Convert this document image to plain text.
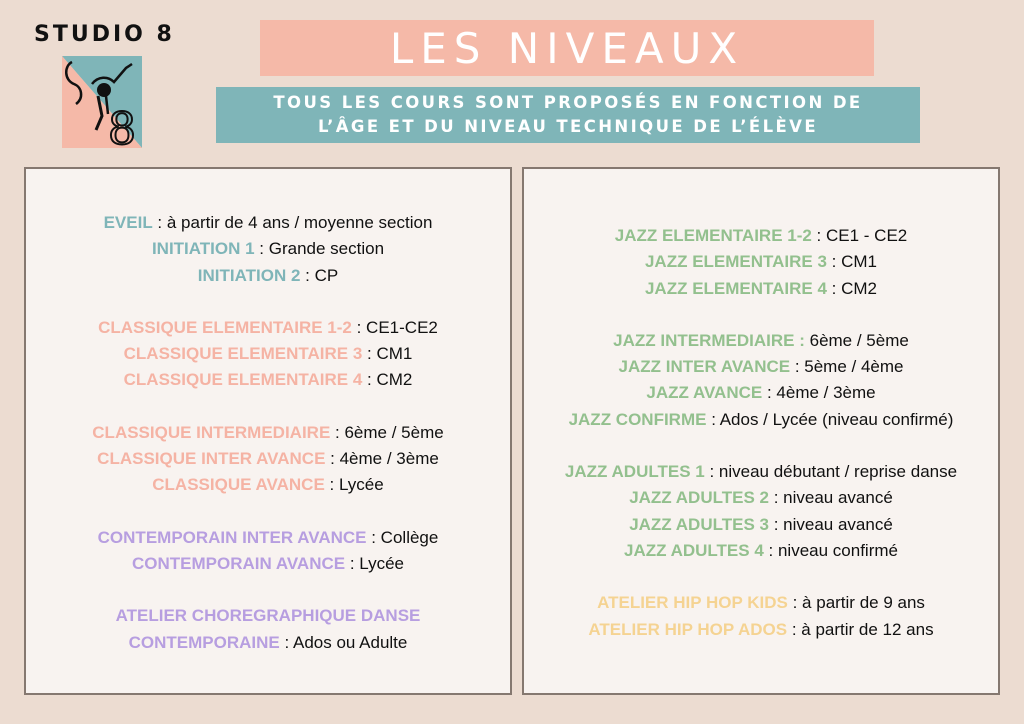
STUDIO 8
8
LES NIVEAUX
TOUS LES COURS SONT PROPOSÉS EN FONCTION DE
L’ÂGE ET DU NIVEAU TECHNIQUE DE L’ÉLÈVE
EVEIL : à partir de 4 ans / moyenne section
INITIATION 1 : Grande section
INITIATION 2 : CP
CLASSIQUE ELEMENTAIRE 1-2 : CE1-CE2
CLASSIQUE ELEMENTAIRE 3 : CM1
CLASSIQUE ELEMENTAIRE 4 : CM2
CLASSIQUE INTERMEDIAIRE : 6ème / 5ème
CLASSIQUE INTER AVANCE : 4ème / 3ème
CLASSIQUE AVANCE : Lycée
CONTEMPORAIN INTER AVANCE : Collège
CONTEMPORAIN AVANCE : Lycée
ATELIER CHOREGRAPHIQUE DANSE
CONTEMPORAINE : Ados ou Adulte
JAZZ ELEMENTAIRE 1-2 : CE1 - CE2
JAZZ ELEMENTAIRE 3 : CM1
JAZZ ELEMENTAIRE 4 : CM2
JAZZ INTERMEDIAIRE : 6ème / 5ème
JAZZ INTER AVANCE : 5ème / 4ème
JAZZ AVANCE : 4ème / 3ème
JAZZ CONFIRME : Ados / Lycée (niveau confirmé)
JAZZ ADULTES 1 : niveau débutant / reprise danse
JAZZ ADULTES 2 : niveau avancé
JAZZ ADULTES 3 : niveau avancé
JAZZ ADULTES 4 : niveau confirmé
ATELIER HIP HOP KIDS : à partir de 9 ans
ATELIER HIP HOP ADOS : à partir de 12 ans
